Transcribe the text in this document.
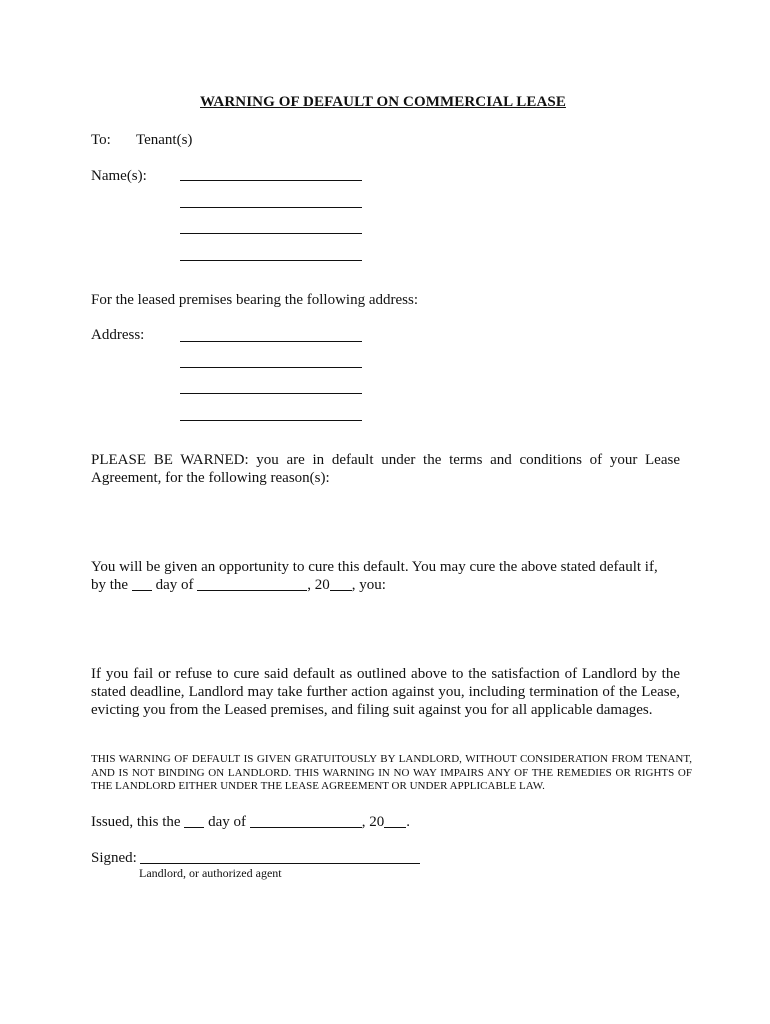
WARNING OF DEFAULT ON COMMERCIAL LEASE
To: Tenant(s)
Name(s):
For the leased premises bearing the following address:
Address:
PLEASE BE WARNED: you are in default under the terms and conditions of your Lease Agreement, for the following reason(s):
You will be given an opportunity to cure this default. You may cure the above stated default if,
by the day of	, 20 , you:
If you fail or refuse to cure said default as outlined above to the satisfaction of Landlord by the stated deadline, Landlord may take further action against you, including termination of the Lease, evicting you from the Leased premises, and filing suit against you for all applicable damages.
THIS WARNING OF DEFAULT IS GIVEN GRATUITOUSLY BY LANDLORD, WITHOUT CONSIDERATION FROM TENANT, AND IS NOT BINDING ON LANDLORD. THIS WARNING IN NO WAY IMPAIRS ANY OF THE REMEDIES OR RIGHTS OF THE LANDLORD EITHER UNDER THE LEASE AGREEMENT OR UNDER APPLICABLE LAW.
Issued, this the day of	, 20 .
Signed:
Landlord, or authorized agent
